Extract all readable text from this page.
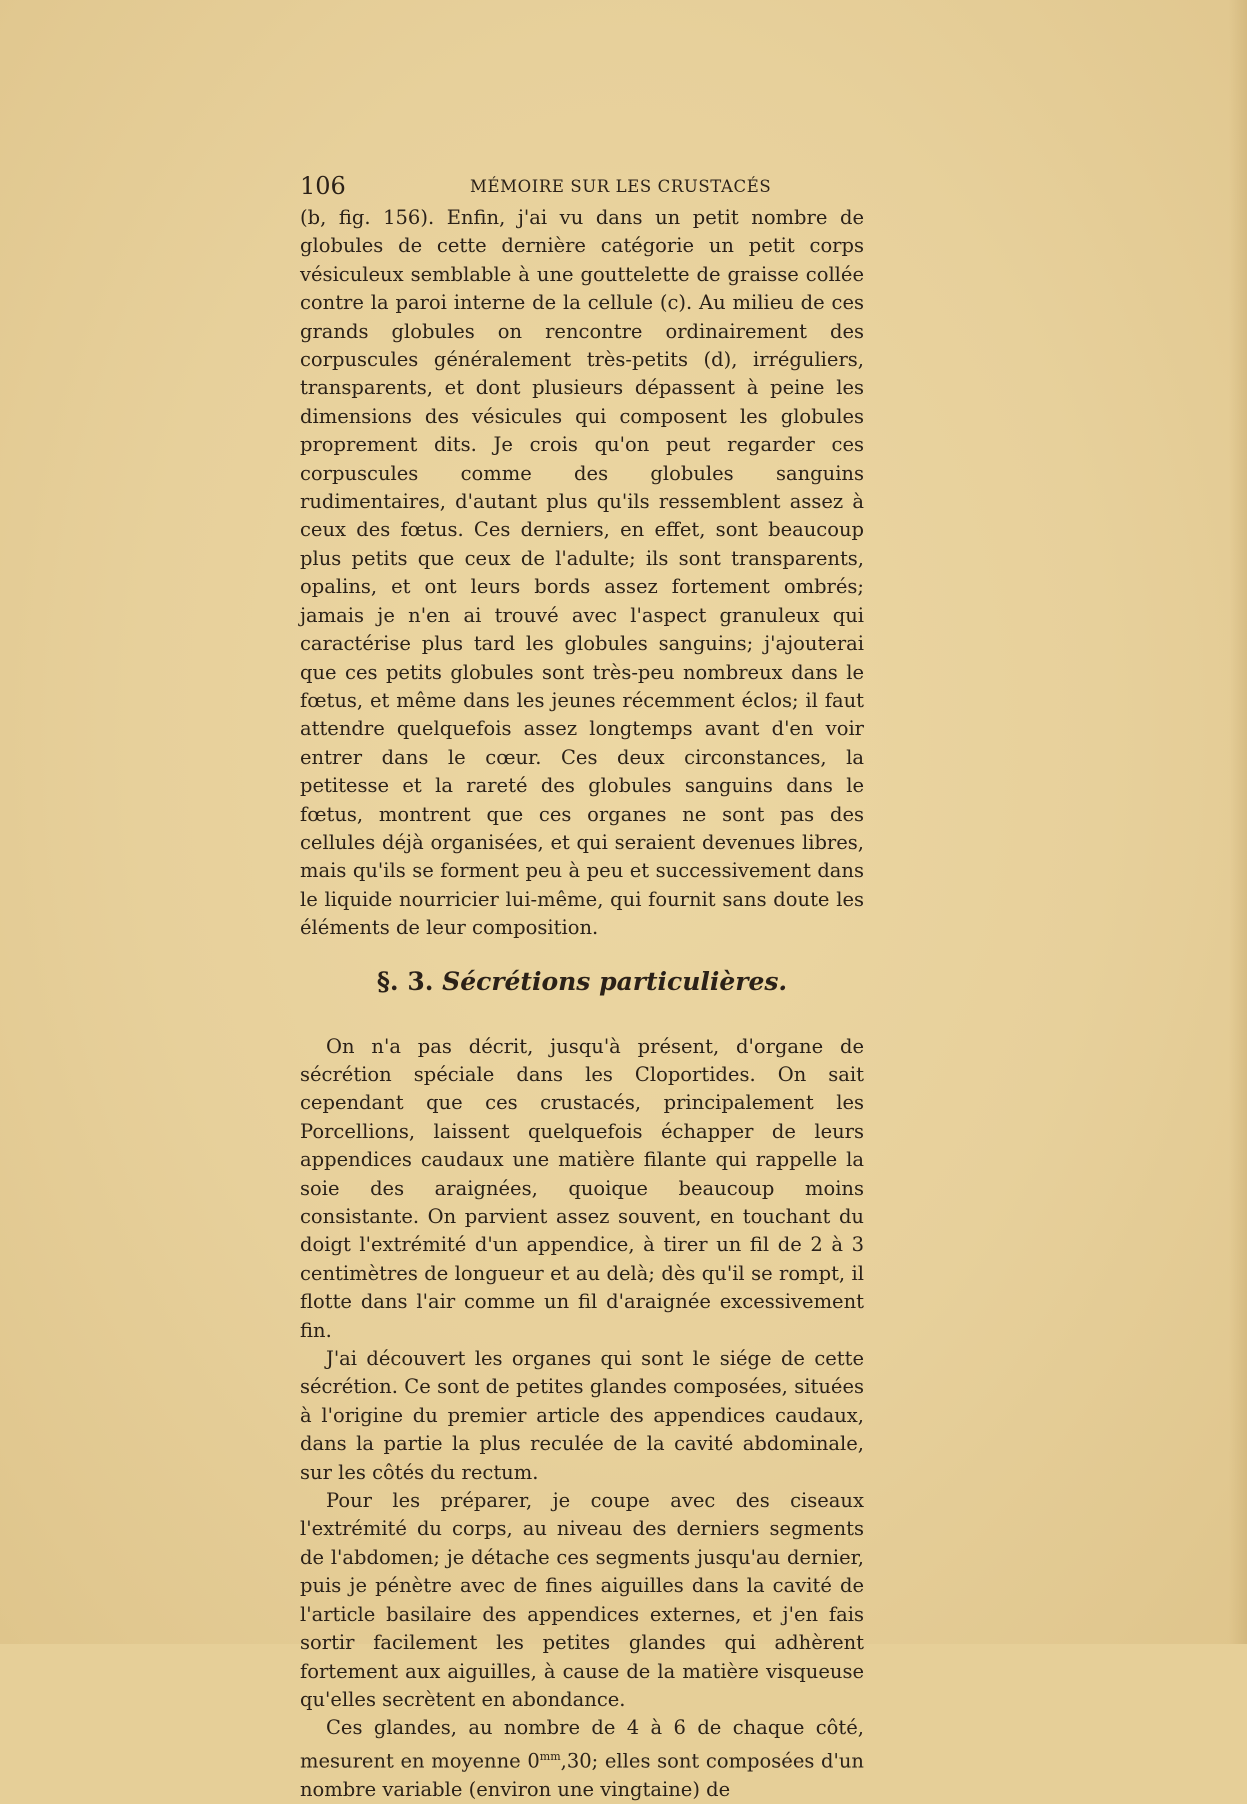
106	MÉMOIRE SUR LES CRUSTACÉS

(b, fig. 156). Enfin, j'ai vu dans un petit nombre de globules de cette dernière catégorie un petit corps vésiculeux semblable à une gouttelette de graisse collée contre la paroi interne de la cellule (c). Au milieu de ces grands globules on rencontre ordinairement des corpuscules généralement très-petits (d), irréguliers, transparents, et dont plusieurs dépassent à peine les dimensions des vésicules qui composent les globules proprement dits. Je crois qu'on peut regarder ces corpuscules comme des globules sanguins rudimentaires, d'autant plus qu'ils ressemblent assez à ceux des fœtus. Ces derniers, en effet, sont beaucoup plus petits que ceux de l'adulte; ils sont transparents, opalins, et ont leurs bords assez fortement ombrés; jamais je n'en ai trouvé avec l'aspect granuleux qui caractérise plus tard les globules sanguins; j'ajouterai que ces petits globules sont très-peu nombreux dans le fœtus, et même dans les jeunes récemment éclos; il faut attendre quelquefois assez longtemps avant d'en voir entrer dans le cœur. Ces deux circonstances, la petitesse et la rareté des globules sanguins dans le fœtus, montrent que ces organes ne sont pas des cellules déjà organisées, et qui seraient devenues libres, mais qu'ils se forment peu à peu et successivement dans le liquide nourricier lui-même, qui fournit sans doute les éléments de leur composition.

§. 3. Sécrétions particulières.

On n'a pas décrit, jusqu'à présent, d'organe de sécrétion spéciale dans les Cloportides. On sait cependant que ces crustacés, principalement les Porcellions, laissent quelquefois échapper de leurs appendices caudaux une matière filante qui rappelle la soie des araignées, quoique beaucoup moins consistante. On parvient assez souvent, en touchant du doigt l'extrémité d'un appendice, à tirer un fil de 2 à 3 centimètres de longueur et au delà; dès qu'il se rompt, il flotte dans l'air comme un fil d'araignée excessivement fin.

J'ai découvert les organes qui sont le siége de cette sécrétion. Ce sont de petites glandes composées, situées à l'origine du premier article des appendices caudaux, dans la partie la plus reculée de la cavité abdominale, sur les côtés du rectum.

Pour les préparer, je coupe avec des ciseaux l'extrémité du corps, au niveau des derniers segments de l'abdomen; je détache ces segments jusqu'au dernier, puis je pénètre avec de fines aiguilles dans la cavité de l'article basilaire des appendices externes, et j'en fais sortir facilement les petites glandes qui adhèrent fortement aux aiguilles, à cause de la matière visqueuse qu'elles secrètent en abondance.

Ces glandes, au nombre de 4 à 6 de chaque côté, mesurent en moyenne $0^{mm},30$; elles sont composées d'un nombre variable (environ une vingtaine) de
